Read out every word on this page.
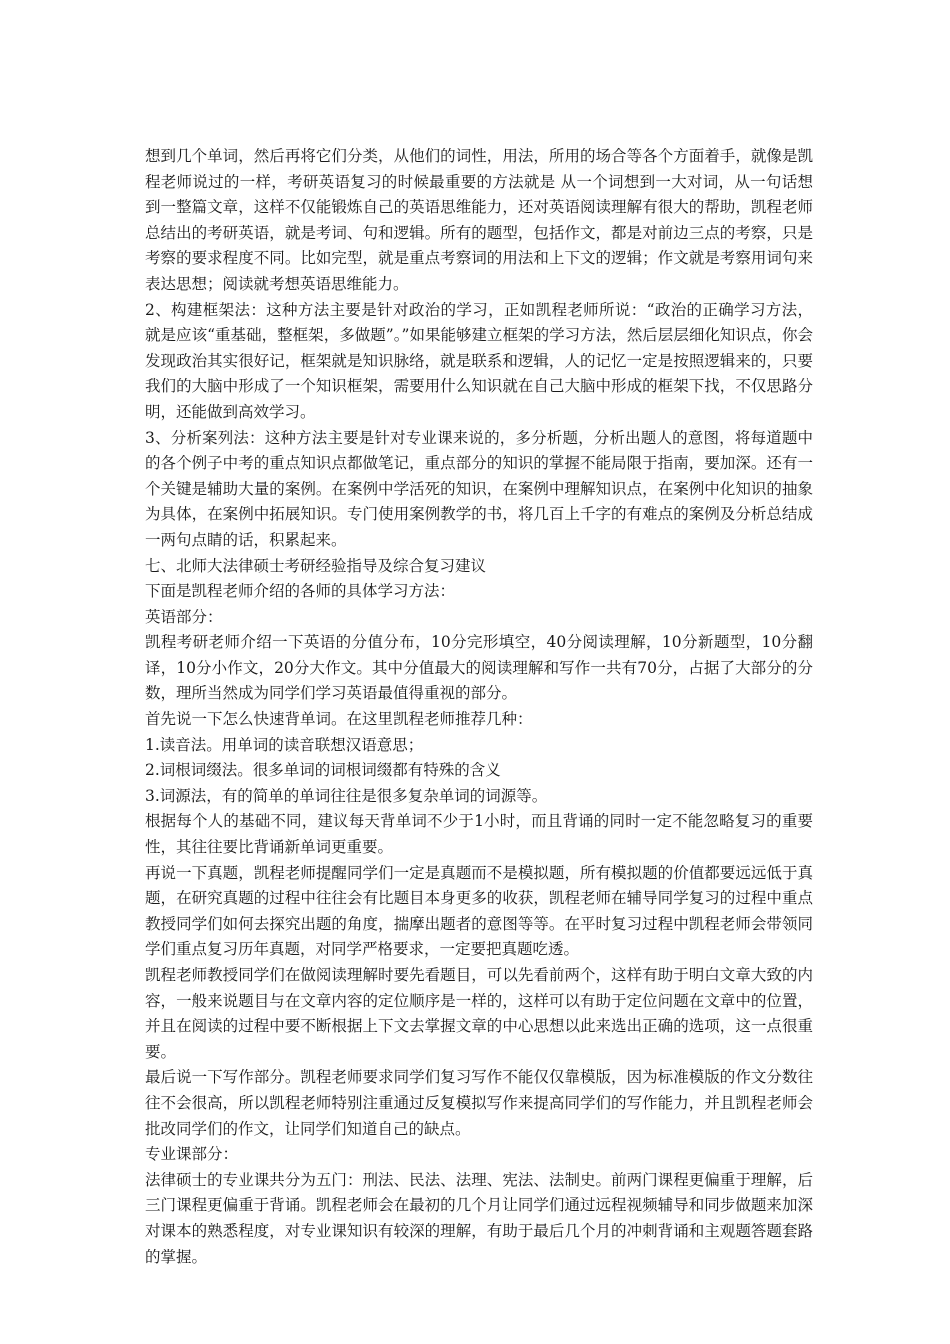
想到几个单词，然后再将它们分类，从他们的词性，用法，所用的场合等各个方面着手，就像是凯程老师说过的一样，考研英语复习的时候最重要的方法就是 从一个词想到一大对词，从一句话想到一整篇文章，这样不仅能锻炼自己的英语思维能力，还对英语阅读理解有很大的帮助，凯程老师总结出的考研英语，就是考词、句和逻辑。所有的题型，包括作文，都是对前边三点的考察，只是考察的要求程度不同。比如完型，就是重点考察词的用法和上下文的逻辑；作文就是考察用词句来表达思想；阅读就考想英语思维能力。

2、构建框架法：这种方法主要是针对政治的学习，正如凯程老师所说：“政治的正确学习方法，就是应该“重基础，整框架，多做题”。”如果能够建立框架的学习方法，然后层层细化知识点，你会发现政治其实很好记，框架就是知识脉络，就是联系和逻辑，人的记忆一定是按照逻辑来的，只要我们的大脑中形成了一个知识框架，需要用什么知识就在自己大脑中形成的框架下找，不仅思路分明，还能做到高效学习。

3、分析案列法：这种方法主要是针对专业课来说的，多分析题，分析出题人的意图，将每道题中的各个例子中考的重点知识点都做笔记，重点部分的知识的掌握不能局限于指南，要加深。还有一个关键是辅助大量的案例。在案例中学活死的知识，在案例中理解知识点，在案例中化知识的抽象为具体，在案例中拓展知识。专门使用案例教学的书，将几百上千字的有难点的案例及分析总结成一两句点睛的话，积累起来。

七、北师大法律硕士考研经验指导及综合复习建议

下面是凯程老师介绍的各师的具体学习方法：

英语部分：

凯程考研老师介绍一下英语的分值分布，10分完形填空，40分阅读理解，10分新题型，10分翻译，10分小作文，20分大作文。其中分值最大的阅读理解和写作一共有70分，占据了大部分的分数，理所当然成为同学们学习英语最值得重视的部分。

首先说一下怎么快速背单词。在这里凯程老师推荐几种：

1.读音法。用单词的读音联想汉语意思；

2.词根词缀法。很多单词的词根词缀都有特殊的含义

3.词源法，有的简单的单词往往是很多复杂单词的词源等。

根据每个人的基础不同，建议每天背单词不少于1小时，而且背诵的同时一定不能忽略复习的重要性，其往往要比背诵新单词更重要。

再说一下真题，凯程老师提醒同学们一定是真题而不是模拟题，所有模拟题的价值都要远远低于真题，在研究真题的过程中往往会有比题目本身更多的收获，凯程老师在辅导同学复习的过程中重点教授同学们如何去探究出题的角度，揣摩出题者的意图等等。在平时复习过程中凯程老师会带领同学们重点复习历年真题，对同学严格要求，一定要把真题吃透。

凯程老师教授同学们在做阅读理解时要先看题目，可以先看前两个，这样有助于明白文章大致的内容，一般来说题目与在文章内容的定位顺序是一样的，这样可以有助于定位问题在文章中的位置，并且在阅读的过程中要不断根据上下文去掌握文章的中心思想以此来选出正确的选项，这一点很重要。

最后说一下写作部分。凯程老师要求同学们复习写作不能仅仅靠模版，因为标准模版的作文分数往往不会很高，所以凯程老师特别注重通过反复模拟写作来提高同学们的写作能力，并且凯程老师会批改同学们的作文，让同学们知道自己的缺点。

专业课部分：

法律硕士的专业课共分为五门：刑法、民法、法理、宪法、法制史。前两门课程更偏重于理解，后三门课程更偏重于背诵。凯程老师会在最初的几个月让同学们通过远程视频辅导和同步做题来加深对课本的熟悉程度，对专业课知识有较深的理解，有助于最后几个月的冲刺背诵和主观题答题套路的掌握。
